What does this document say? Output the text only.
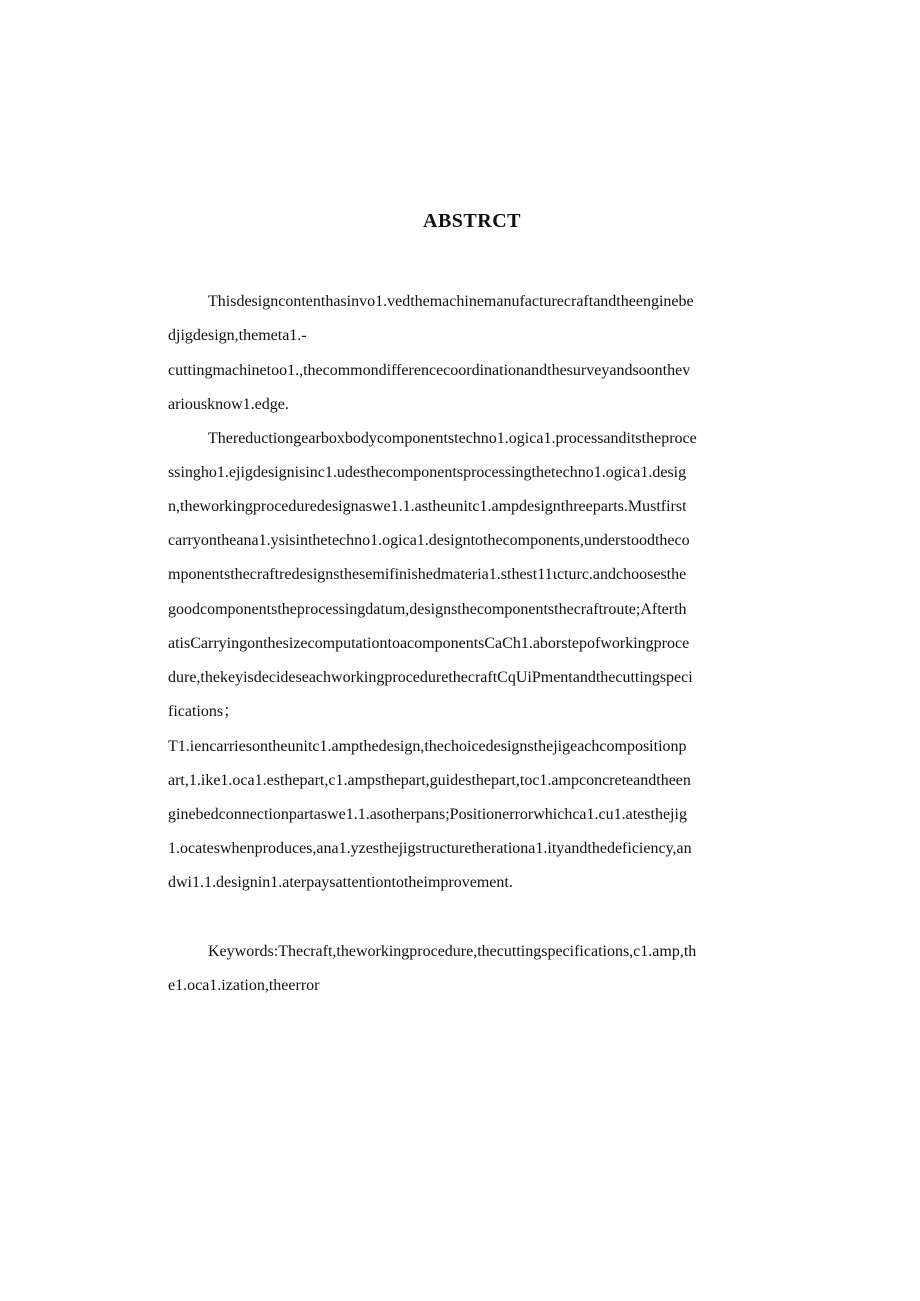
ABSTRCT
Thisdesigncontenthasinvo1.vedthemachinemanufacturecraftandtheenginebe
djigdesign,themeta1.-
cuttingmachinetoo1.,thecommondifferencecoordinationandthesurveyandsoonthev
ariousknow1.edge.
Thereductiongearboxbodycomponentstechno1.ogica1.processanditstheproce
ssingho1.ejigdesignisinc1.udesthecomponentsprocessingthetechno1.ogica1.desig
n,theworkingproceduredesignaswe1.1.astheunitc1.ampdesignthreeparts.Mustfirst
carryontheana1.ysisinthetechno1.ogica1.designtothecomponents,understoodtheco
mponentsthecraftredesignsthesemifinishedmateria1.sthest11ιcturc.andchoosesthe
goodcomponentstheprocessingdatum,designsthecomponentsthecraftroute;Afterth
atisCarryingonthesizecomputationtoacomponentsCaCh1.aborstepofworkingproce
dure,thekeyisdecideseachworkingprocedurethecraftCqUiPmentandthecuttingspeci
fications；
T1.iencarriesontheunitc1.ampthedesign,thechoicedesignsthejigeachcompositionp
art,1.ike1.oca1.esthepart,c1.ampsthepart,guidesthepart,toc1.ampconcreteandtheen
ginebedconnectionpartaswe1.1.asotherpans;Positionerrorwhichca1.cu1.atesthejig
1.ocateswhenproduces,ana1.yzesthejigstructuretherationa1.ityandthedeficiency,an
dwi1.1.designin1.aterpaysattentiontotheimprovement.
Keywords:Thecraft,theworkingprocedure,thecuttingspecifications,c1.amp,th
e1.oca1.ization,theerror
